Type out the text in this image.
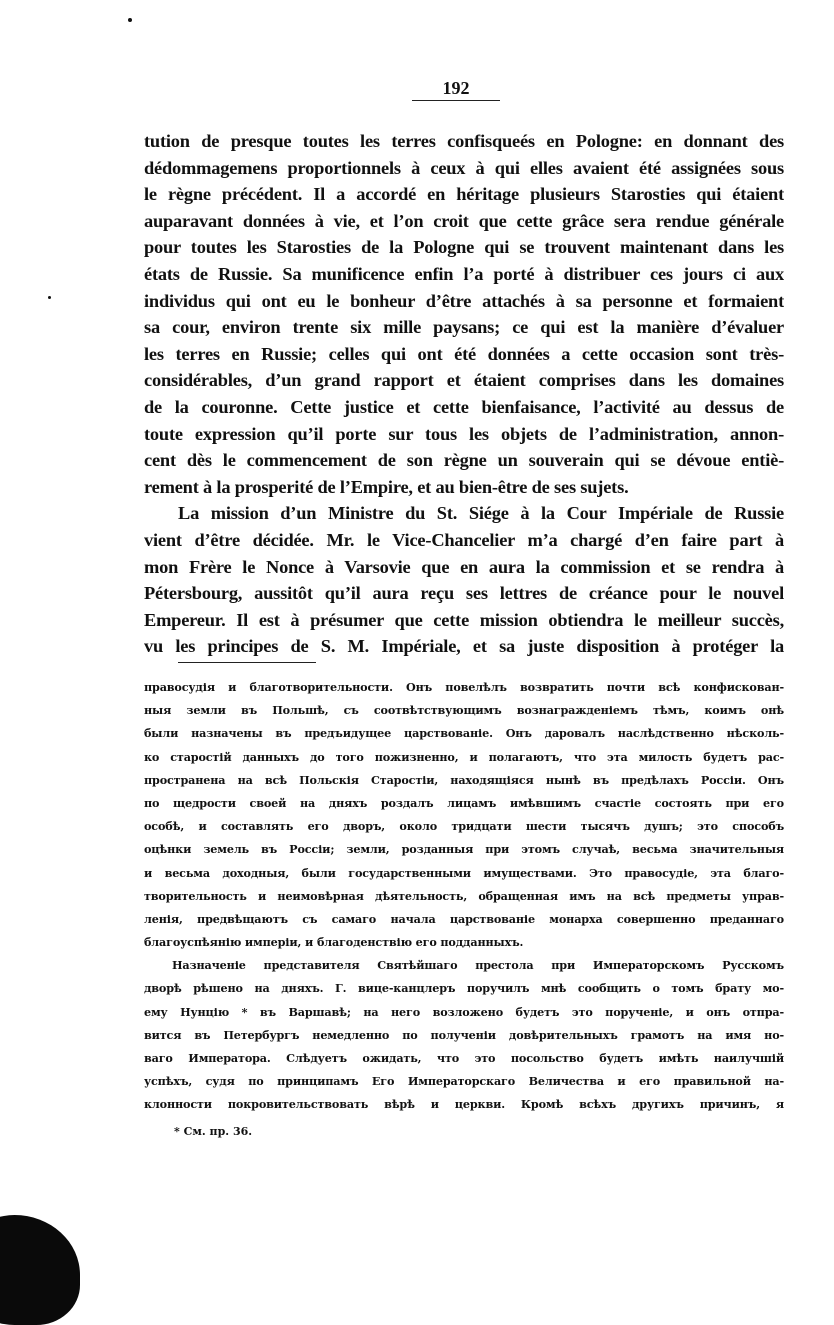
192
tution de presque toutes les terres confisqueés en Pologne: en donnant des
dédommagemens proportionnels à ceux à qui elles avaient été assignées sous
le règne précédent. Il a accordé en héritage plusieurs Starosties qui étaient
auparavant données à vie, et l’on croit que cette grâce sera rendue générale
pour toutes les Starosties de la Pologne qui se trouvent maintenant dans les
états de Russie. Sa munificence enfin l’a porté à distribuer ces jours ci aux
individus qui ont eu le bonheur d’être attachés à sa personne et formaient
sa cour, environ trente six mille paysans; ce qui est la manière d’évaluer
les terres en Russie; celles qui ont été données a cette occasion sont très-
considérables, d’un grand rapport et étaient comprises dans les domaines
de la couronne. Cette justice et cette bienfaisance, l’activité au dessus de
toute expression qu’il porte sur tous les objets de l’administration, annon-
cent dès le commencement de son règne un souverain qui se dévoue entiè-
rement à la prosperité de l’Empire, et au bien-être de ses sujets.
La mission d’un Ministre du St. Siége à la Cour Impériale de Russie
vient d’être décidée. Mr. le Vice-Chancelier m’a chargé d’en faire part à
mon Frère le Nonce à Varsovie que en aura la commission et se rendra à
Pétersbourg, aussitôt qu’il aura reçu ses lettres de créance pour le nouvel
Empereur. Il est à présumer que cette mission obtiendra le meilleur succès,
vu les principes de S. M. Impériale, et sa juste disposition à protéger la
правосудія и благотворительности. Онъ повелѣлъ возвратить почти всѣ конфискован-
ныя земли въ Польшѣ, съ соотвѣтствующимъ вознагражденіемъ тѣмъ, коимъ онѣ
были назначены въ предъидущее царствованіе. Онъ даровалъ наслѣдственно нѣсколь-
ко старостій данныхъ до того пожизненно, и полагаютъ, что эта милость будетъ рас-
пространена на всѣ Польскія Старостіи, находящіяся нынѣ въ предѣлахъ Россіи. Онъ
по щедрости своей на дняхъ роздалъ лицамъ имѣвшимъ счастіе состоять при его
особѣ, и составлять его дворъ, около тридцати шести тысячъ душъ; это способъ
оцѣнки земель въ Россіи; земли, розданныя при этомъ случаѣ, весьма значительныя
и весьма доходныя, были государственными имуществами. Это правосудіе, эта благо-
творительность и неимовѣрная дѣятельность, обращенная имъ на всѣ предметы управ-
ленія, предвѣщаютъ съ самаго начала царствованіе монарха совершенно преданнаго
благоуспѣянію имперіи, и благоденствію его подданныхъ.
Назначеніе представителя Святѣйшаго престола при Императорскомъ Русскомъ
дворѣ рѣшено на дняхъ. Г. вице-канцлеръ поручилъ мнѣ сообщить о томъ брату мо-
ему Нунцію * въ Варшавѣ; на него возложено будетъ это порученіе, и онъ отпра-
вится въ Петербургъ немедленно по полученіи довѣрительныхъ грамотъ на имя но-
ваго Императора. Слѣдуетъ ожидать, что это посольство будетъ имѣть наилучшій
успѣхъ, судя по принципамъ Его Императорскаго Величества и его правильной на-
клонности покровительствовать вѣрѣ и церкви. Кромѣ всѣхъ другихъ причинъ, я
* См. пр. 36.
